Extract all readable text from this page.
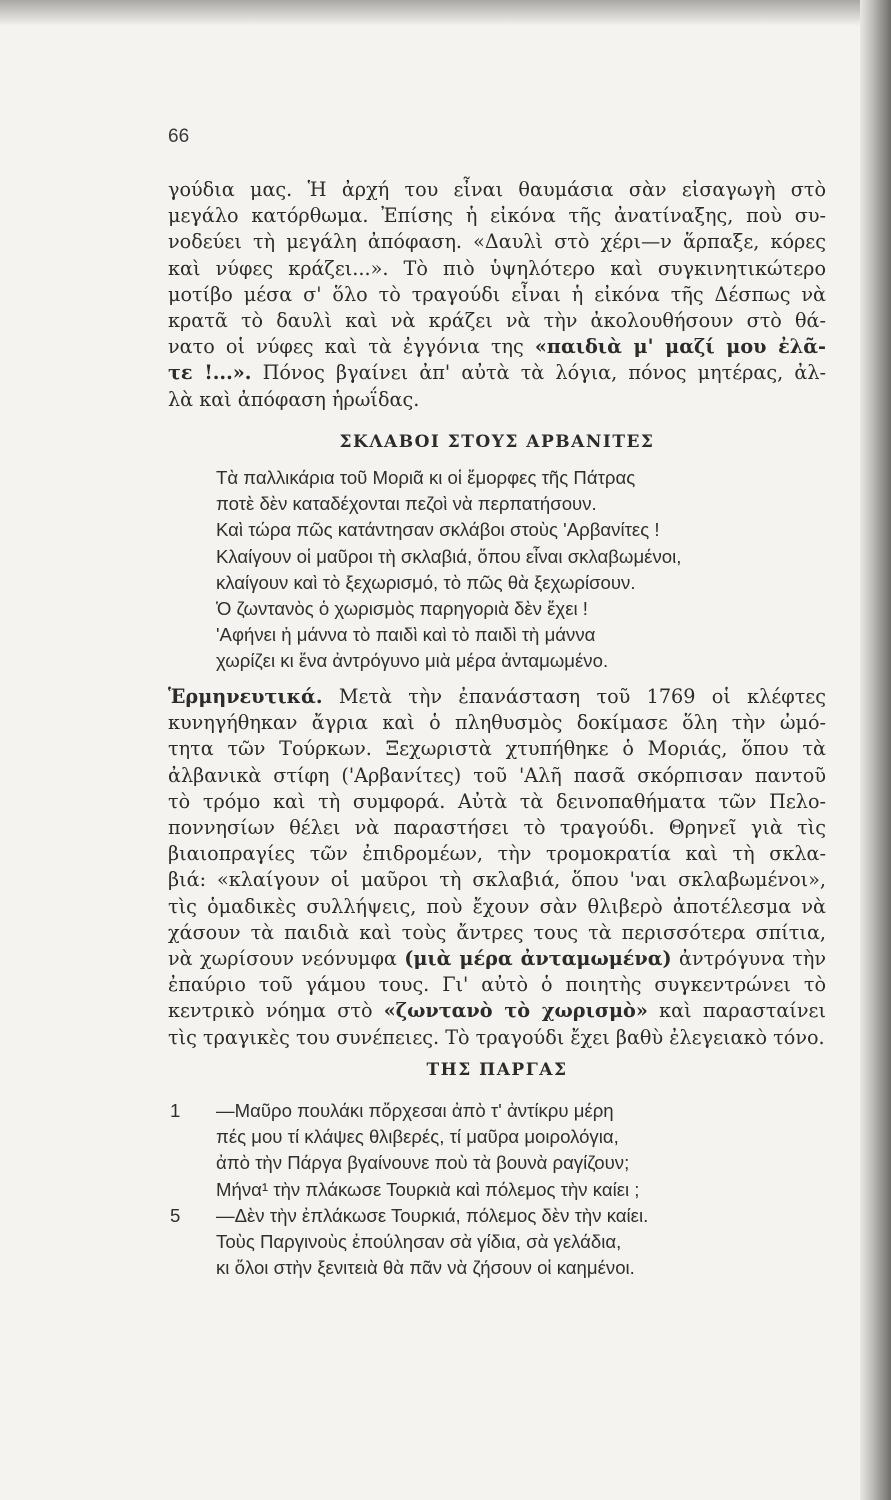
66
γούδια μας. Ἡ ἀρχή του εἶναι θαυμάσια σὰν εἰσαγωγὴ στὸ
μεγάλο κατόρθωμα. Ἐπίσης ἡ εἰκόνα τῆς ἀνατίναξης, ποὺ συ-
νοδεύει τὴ μεγάλη ἀπόφαση. «Δαυλὶ στὸ χέρι—ν ἅρπαξε, κόρες
καὶ νύφες κράζει...». Τὸ πιὸ ὑψηλότερο καὶ συγκινητικώτερο
μοτίβο μέσα σ' ὅλο τὸ τραγούδι εἶναι ἡ εἰκόνα τῆς Δέσπως νὰ
κρατᾶ τὸ δαυλὶ καὶ νὰ κράζει νὰ τὴν ἀκολουθήσουν στὸ θά-
νατο οἱ νύφες καὶ τὰ ἐγγόνια της «παιδιὰ μ' μαζί μου ἐλᾶ-
τε !...». Πόνος βγαίνει ἀπ' αὐτὰ τὰ λόγια, πόνος μητέρας, ἀλ-
λὰ καὶ ἀπόφαση ἡρωΐδας.
ΣΚΛΑΒΟΙ ΣΤΟΥΣ ΑΡΒΑΝΙΤΕΣ
Τὰ παλλικάρια τοῦ Μοριᾶ κι οἱ ἔμορφες τῆς Πάτρας
ποτὲ δὲν καταδέχονται πεζοὶ νὰ περπατήσουν.
Καὶ τώρα πῶς κατάντησαν σκλάβοι στοὺς 'Αρβανίτες !
Κλαίγουν οἱ μαῦροι τὴ σκλαβιά, ὅπου εἶναι σκλαβωμένοι,
κλαίγουν καὶ τὸ ξεχωρισμό, τὸ πῶς θὰ ξεχωρίσουν.
Ὁ ζωντανὸς ὁ χωρισμὸς παρηγοριὰ δὲν ἔχει !
'Αφήνει ἡ μάννα τὸ παιδὶ καὶ τὸ παιδὶ τὴ μάννα
χωρίζει κι ἕνα ἀντρόγυνο μιὰ μέρα ἀνταμωμένο.
Ἑρμηνευτικά. Μετὰ τὴν ἐπανάσταση τοῦ 1769 οἱ κλέφτες
κυνηγήθηκαν ἄγρια καὶ ὁ πληθυσμὸς δοκίμασε ὅλη τὴν ὠμό-
τητα τῶν Τούρκων. Ξεχωριστὰ χτυπήθηκε ὁ Μοριάς, ὅπου τὰ
ἀλβανικὰ στίφη ('Αρβανίτες) τοῦ 'Αλῆ πασᾶ σκόρπισαν παντοῦ
τὸ τρόμο καὶ τὴ συμφορά. Αὐτὰ τὰ δεινοπαθήματα τῶν Πελο-
ποννησίων θέλει νὰ παραστήσει τὸ τραγούδι. Θρηνεῖ γιὰ τὶς
βιαιοπραγίες τῶν ἐπιδρομέων, τὴν τρομοκρατία καὶ τὴ σκλα-
βιά: «κλαίγουν οἱ μαῦροι τὴ σκλαβιά, ὅπου 'ναι σκλαβωμένοι»,
τὶς ὁμαδικὲς συλλήψεις, ποὺ ἔχουν σὰν θλιβερὸ ἀποτέλεσμα νὰ
χάσουν τὰ παιδιὰ καὶ τοὺς ἄντρες τους τὰ περισσότερα σπίτια,
νὰ χωρίσουν νεόνυμφα (μιὰ μέρα ἀνταμωμένα) ἀντρόγυνα τὴν
ἐπαύριο τοῦ γάμου τους. Γι' αὐτὸ ὁ ποιητὴς συγκεντρώνει τὸ
κεντρικὸ νόημα στὸ «ζωντανὸ τὸ χωρισμὸ» καὶ παρασταίνει
τὶς τραγικὲς του συνέπειες. Τὸ τραγούδι ἔχει βαθὺ ἐλεγειακὸ τόνο.
ΤΗΣ ΠΑΡΓΑΣ
1	—Μαῦρο πουλάκι πὄρχεσαι ἀπὸ τ' ἀντίκρυ μέρη
πές μου τί κλάψες θλιβερές, τί μαῦρα μοιρολόγια,
ἀπὸ τὴν Πάργα βγαίνουνε ποὺ τὰ βουνὰ ραγίζουν;
Μήνα¹ τὴν πλάκωσε Τουρκιὰ καὶ πόλεμος τὴν καίει ;
5	—Δὲν τὴν ἐπλάκωσε Τουρκιά, πόλεμος δὲν τὴν καίει.
Τοὺς Παργινοὺς ἐπούλησαν σὰ γίδια, σὰ γελάδια,
κι ὅλοι στὴν ξενιτειὰ θὰ πᾶν νὰ ζήσουν οἱ καημένοι.
